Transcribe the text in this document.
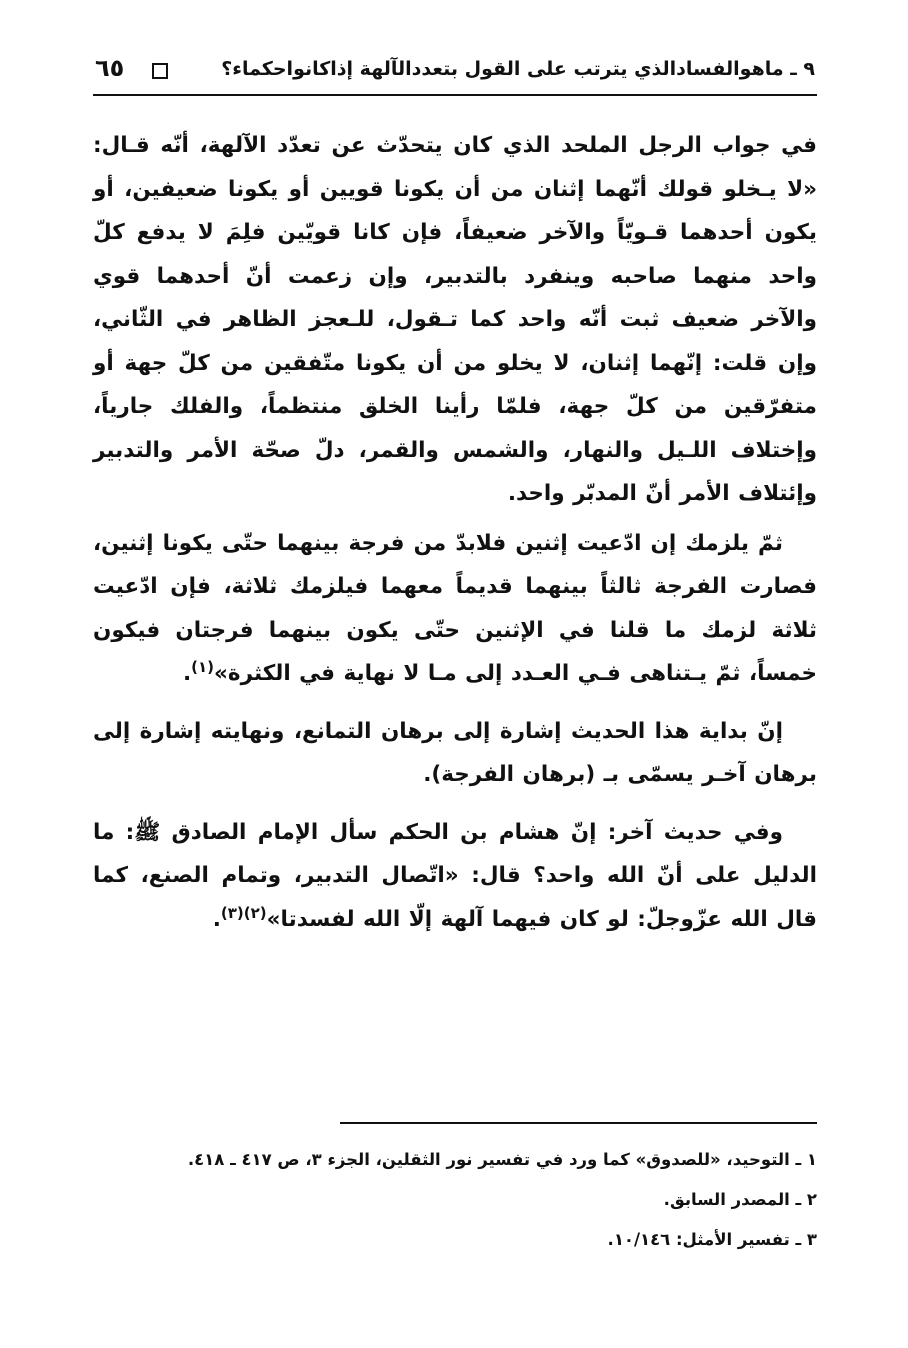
٩ ـ ماهوالفسادالذي يترتب على القول بتعددالآلهة إذاكانواحكماء؟
٦٥

في جواب الرجل الملحد الذي كان يتحدّث عن تعدّد الآلهة، أنّه قـال: «لا يـخلو قولك أنّهما إثنان من أن يكونا قويين أو يكونا ضعيفين، أو يكون أحدهما قـويّاً والآخر ضعيفاً، فإن كانا قويّين فلِمَ لا يدفع كلّ واحد منهما صاحبه وينفرد بالتدبير، وإن زعمت أنّ أحدهما قوي والآخر ضعيف ثبت أنّه واحد كما تـقول، للـعجز الظاهر في الثّاني، وإن قلت: إنّهما إثنان، لا يخلو من أن يكونا متّفقين من كلّ جهة أو متفرّقين من كلّ جهة، فلمّا رأينا الخلق منتظماً، والفلك جارياً، وإختلاف اللـيل والنهار، والشمس والقمر، دلّ صحّة الأمر والتدبير وإئتلاف الأمر أنّ المدبّر واحد.

ثمّ يلزمك إن ادّعيت إثنين فلابدّ من فرجة بينهما حتّى يكونا إثنين، فصارت الفرجة ثالثاً بينهما قديماً معهما فيلزمك ثلاثة، فإن ادّعيت ثلاثة لزمك ما قلنا في الإثنين حتّى يكون بينهما فرجتان فيكون خمساً، ثمّ يـتناهى فـي العـدد إلى مـا لا نهاية في الكثرة»$^{(١)}$.

إنّ بداية هذا الحديث إشارة إلى برهان التمانع، ونهايته إشارة إلى برهان آخـر يسمّى بـ (برهان الفرجة).

وفي حديث آخر: إنّ هشام بن الحكم سأل الإمام الصادق ﷺ: ما الدليل على أنّ الله واحد؟ قال: «اتّصال التدبير، وتمام الصنع، كما قال الله عزّوجلّ: لو كان فيهما آلهة إلّا الله لفسدتا»$^{(٢)(٣)}$.

١ ـ التوحيد، «للصدوق» كما ورد في تفسير نور الثقلين، الجزء ٣، ص ٤١٧ ـ ٤١٨.

٢ ـ المصدر السابق.

٣ ـ تفسير الأمثل: ١٠/١٤٦.
